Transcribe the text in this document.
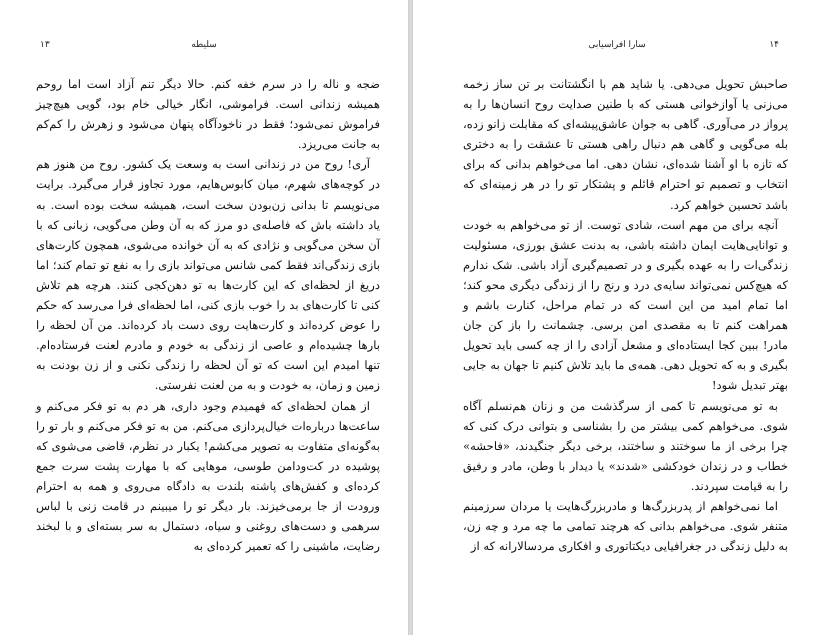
۱۳	سلیطه

ضجه و ناله را در سرم خفه کنم. حالا دیگر تنم آزاد است اما روحم همیشه زندانی است. فراموشی، انگار خیالی خام بود، گویی هیچ‌چیز فراموش نمی‌شود؛ فقط در ناخودآگاه پنهان می‌شود و زهرش را کم‌کم به جانت می‌ریزد.

آری! روح من در زندانی است به وسعت یک کشور. روح من هنوز هم در کوچه‌های شهرم، میان کابوس‌هایم، مورد تجاوز قرار می‌گیرد. برایت می‌نویسم تا بدانی زن‌بودن سخت است، همیشه سخت بوده است. به یاد داشته باش که فاصله‌ی دو مرز که به آن وطن می‌گویی، زبانی که با آن سخن می‌گویی و نژادی که به آن خوانده می‌شوی، همچون کارت‌های بازی زندگی‌اند فقط کمی شانس می‌تواند بازی را به نفع تو تمام کند؛ اما دریغ از لحظه‌ای که این کارت‌ها به تو دهن‌کجی کنند. هرچه هم تلاش کنی تا کارت‌های بد را خوب بازی کنی، اما لحظه‌ای فرا می‌رسد که حکم را عوض کرده‌اند و کارت‌هایت روی دست باد کرده‌اند. من آن لحظه را بارها چشیده‌ام و عاصی از زندگی به خودم و مادرم لعنت فرستاده‌ام. تنها امیدم این است که تو آن لحظه را زندگی نکنی و از زن بودنت به زمین و زمان، به خودت و به من لعنت نفرستی.

از همان لحظه‌ای که فهمیدم وجود داری، هر دم به تو فکر می‌کنم و ساعت‌ها درباره‌ات خیال‌پردازی می‌کنم. من به تو فکر می‌کنم و بار تو را به‌گونه‌ای متفاوت به تصویر می‌کشم! یکبار در نظرم، قاضی می‌شوی که پوشیده در کت‌ودامن طوسی، موهایی که با مهارت پشت سرت جمع کرده‌ای و کفش‌های پاشنه بلندت به دادگاه می‌روی و همه به احترام ورودت از جا برمی‌خیزند. بار دیگر تو را میبینم در قامت زنی با لباس سرهمی و دست‌های روغنی و سیاه، دستمال به سر بسته‌ای و با لبخند رضایت، ماشینی را که تعمیر کرده‌ای به

سارا افراسیابی	۱۴

صاحبش تحویل می‌دهی. یا شاید هم با انگشتانت بر تن ساز زخمه می‌زنی یا آوازخوانی هستی که با طنین صدایت روح انسان‌ها را به پرواز در می‌آوری. گاهی به جوان عاشق‌پیشه‌ای که مقابلت زانو زده، بله می‌گویی و گاهی هم دنبال راهی هستی تا عشقت را به دختری که تازه با او آشنا شده‌ای، نشان دهی. اما می‌خواهم بدانی که برای انتخاب و تصمیم تو احترام قائلم و پشتکار تو را در هر زمینه‌ای که باشد تحسین خواهم کرد.

آنچه برای من مهم است، شادی توست. از تو می‌خواهم به خودت و توانایی‌هایت ایمان داشته باشی، به بدنت عشق بورزی، مسئولیت زندگی‌ات را به عهده بگیری و در تصمیم‌گیری آزاد باشی. شک ندارم که هیچ‌کس نمی‌تواند سایه‌ی درد و رنج را از زندگی دیگری محو کند؛ اما تمام امید من این است که در تمام مراحل، کنارت باشم و همراهت کنم تا به مقصدی امن برسی. چشمانت را باز کن جان مادر! ببین کجا ایستاده‌ای و مشعل آزادی را از چه کسی باید تحویل بگیری و به که تحویل دهی. همه‌ی ما باید تلاش کنیم تا جهان به جایی بهتر تبدیل شود!

به تو می‌نویسم تا کمی از سرگذشت من و زنان هم‌نسلم آگاه شوی. می‌خواهم کمی بیشتر من را بشناسی و بتوانی درک کنی که چرا برخی از ما سوختند و ساختند، برخی دیگر جنگیدند، «فاحشه» خطاب و در زندان خودکشی «شدند» یا دیدار با وطن، مادر و رفیق را به قیامت سپردند.

اما نمی‌خواهم از پدربزرگ‌ها و مادربزرگ‌هایت یا مردان سرزمینم متنفر شوی. می‌خواهم بدانی که هرچند تمامی ما چه مرد و چه زن، به دلیل زندگی در جغرافیایی دیکتاتوری و افکاری مردسالارانه که از
